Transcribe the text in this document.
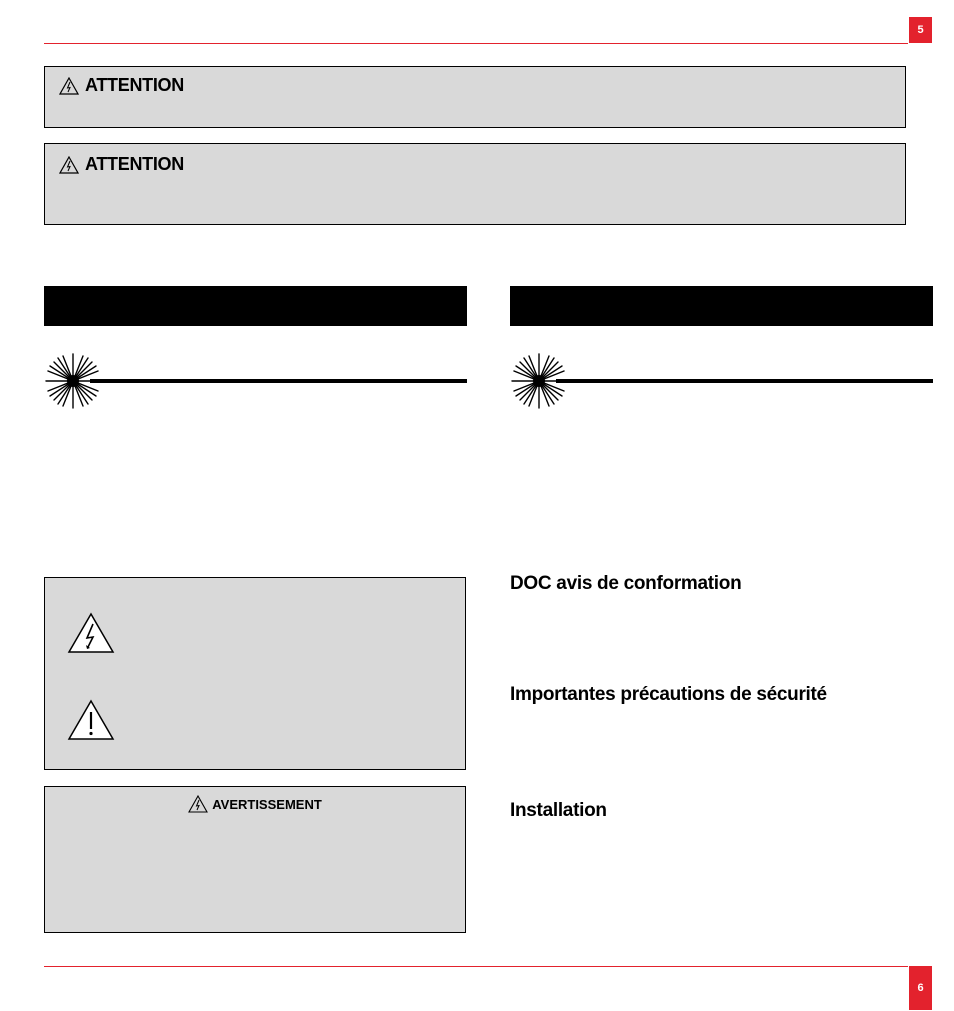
5
ATTENTION
ATTENTION
AVERTISSEMENT
DOC avis de conformation
Importantes précautions de sécurité
Installation
6
